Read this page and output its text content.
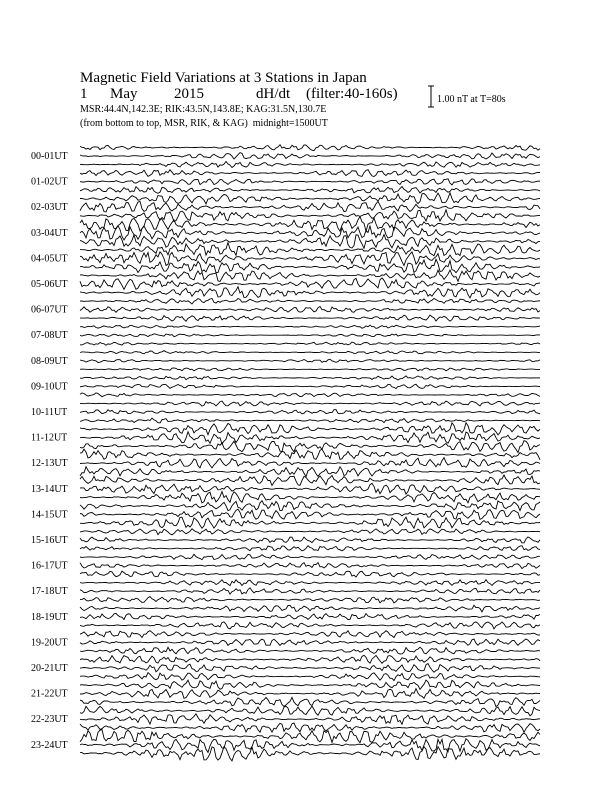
Magnetic Field Variations at 3 Stations in Japan
1 May 2015	dH/dt (filter:40-160s)
MSR:44.4N,142.3E; RIK:43.5N,143.8E; KAG:31.5N,130.7E
(from bottom to top, MSR, RIK, & KAG) midnight=1500UT
1.00 nT at T=80s
00-01UT
01-02UT
02-03UT
03-04UT
04-05UT
05-06UT
06-07UT
07-08UT
08-09UT
09-10UT
10-11UT
11-12UT
12-13UT
13-14UT
14-15UT
15-16UT
16-17UT
17-18UT
18-19UT
19-20UT
20-21UT
21-22UT
22-23UT
23-24UT
